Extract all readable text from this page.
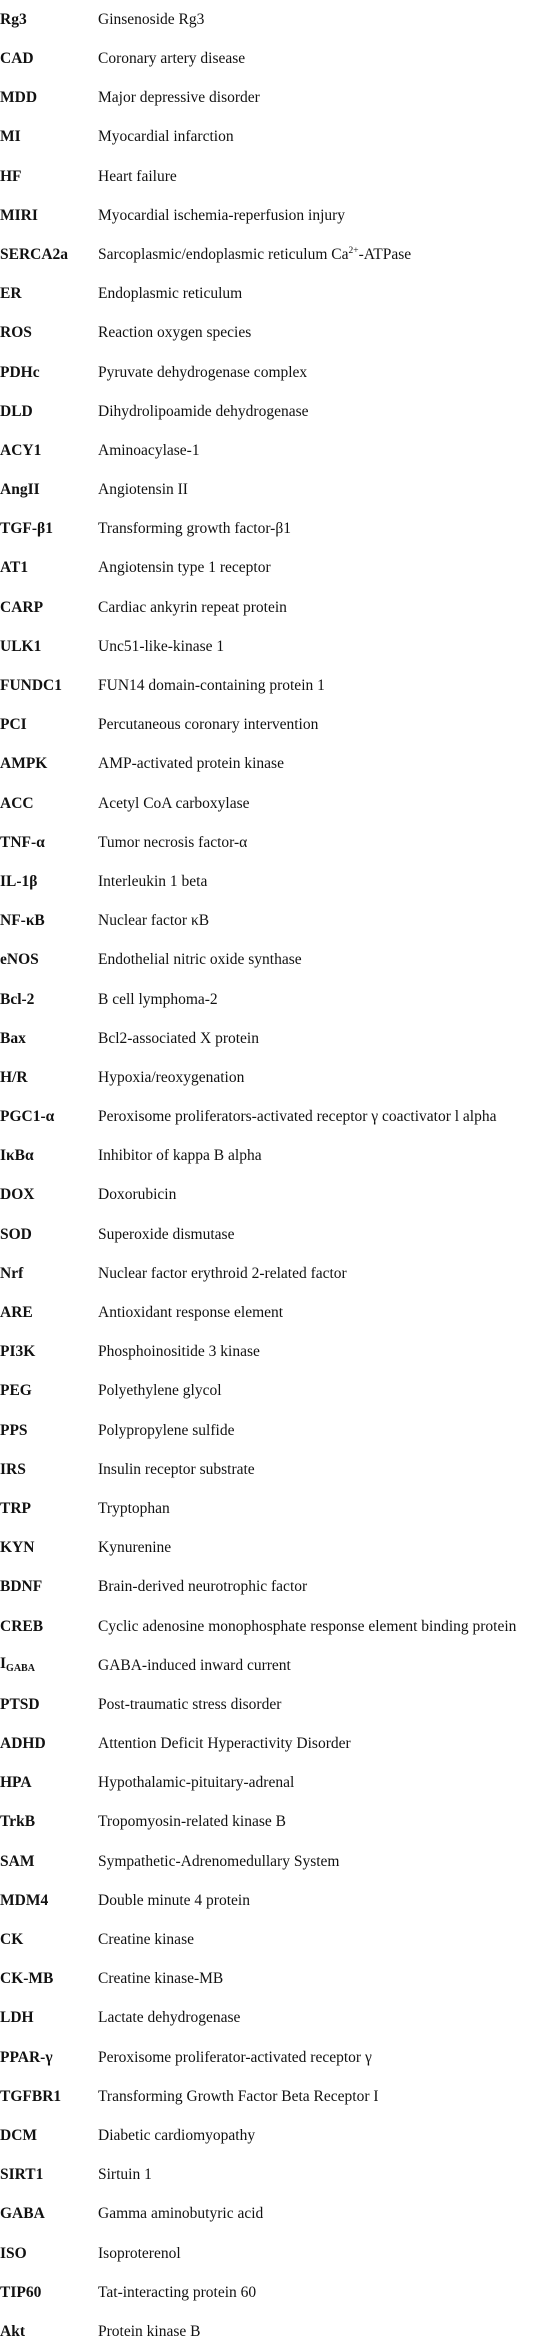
Rg3	Ginsenoside Rg3
CAD	Coronary artery disease
MDD	Major depressive disorder
MI	Myocardial infarction
HF	Heart failure
MIRI	Myocardial ischemia-reperfusion injury
SERCA2a	Sarcoplasmic/endoplasmic reticulum $Ca^{2+}$-ATPase
ER	Endoplasmic reticulum
ROS	Reaction oxygen species
PDHc	Pyruvate dehydrogenase complex
DLD	Dihydrolipoamide dehydrogenase
ACY1	Aminoacylase-1
AngII	Angiotensin II
TGF-β1	Transforming growth factor-β1
AT1	Angiotensin type 1 receptor
CARP	Cardiac ankyrin repeat protein
ULK1	Unc51-like-kinase 1
FUNDC1	FUN14 domain-containing protein 1
PCI	Percutaneous coronary intervention
AMPK	AMP-activated protein kinase
ACC	Acetyl CoA carboxylase
TNF-α	Tumor necrosis factor-α
IL-1β	Interleukin 1 beta
NF-κB	Nuclear factor κB
eNOS	Endothelial nitric oxide synthase
Bcl-2	B cell lymphoma-2
Bax	Bcl2-associated X protein
H/R	Hypoxia/reoxygenation
PGC1-α	Peroxisome proliferators-activated receptor γ coactivator l alpha
IκBα	Inhibitor of kappa B alpha
DOX	Doxorubicin
SOD	Superoxide dismutase
Nrf	Nuclear factor erythroid 2-related factor
ARE	Antioxidant response element
PI3K	Phosphoinositide 3 kinase
PEG	Polyethylene glycol
PPS	Polypropylene sulfide
IRS	Insulin receptor substrate
TRP	Tryptophan
KYN	Kynurenine
BDNF	Brain-derived neurotrophic factor
CREB	Cyclic adenosine monophosphate response element binding protein
$I_{GABA}$	GABA-induced inward current
PTSD	Post-traumatic stress disorder
ADHD	Attention Deficit Hyperactivity Disorder
HPA	Hypothalamic-pituitary-adrenal
TrkB	Tropomyosin-related kinase B
SAM	Sympathetic-Adrenomedullary System
MDM4	Double minute 4 protein
CK	Creatine kinase
CK-MB	Creatine kinase-MB
LDH	Lactate dehydrogenase
PPAR-γ	Peroxisome proliferator-activated receptor γ
TGFBR1	Transforming Growth Factor Beta Receptor I
DCM	Diabetic cardiomyopathy
SIRT1	Sirtuin 1
GABA	Gamma aminobutyric acid
ISO	Isoproterenol
TIP60	Tat-interacting protein 60
Akt	Protein kinase B
